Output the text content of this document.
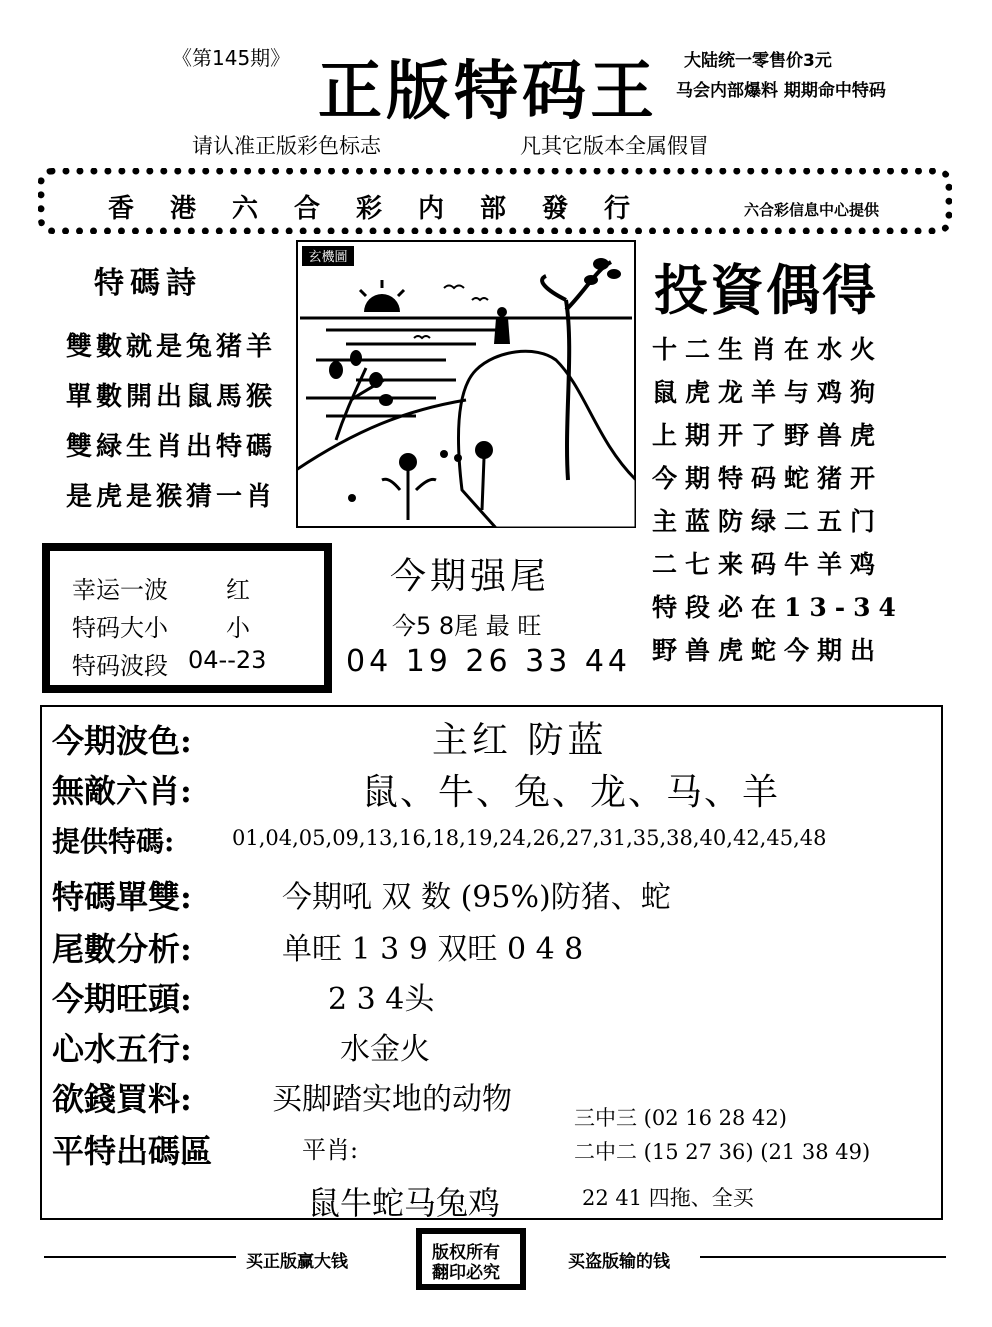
《第145期》 正版特码王 大陆统一零售价3元
马会内部爆料 期期命中特码
请认准正版彩色标志	凡其它版本全属假冒
香港六合彩内部發行	六合彩信息中心提供
特碼詩
雙數就是兔猪羊
單數開出鼠馬猴
雙緑生肖出特碼
是虎是猴猜一肖
玄機圖
投資偶得
十二生肖在水火
鼠虎龙羊与鸡狗
上期开了野兽虎
今期特码蛇猪开
主蓝防绿二五门
二七来码牛羊鸡
特段必在13-34
野兽虎蛇今期出
幸运一波 红
特码大小 小
特码波段 04--23
今期强尾
今5 8尾 最 旺
04 19 26 33 44
今期波色:	主红 防蓝
無敵六肖:	鼠、牛、兔、龙、马、羊
提供特碼:	01,04,05,09,13,16,18,19,24,26,27,31,35,38,40,42,45,48
特碼單雙:	今期吼 双 数 (95%)防猪、蛇
尾數分析:	单旺 1 3 9 双旺 0 4 8
今期旺頭:	2 3 4头
心水五行:	水金火
欲錢買料:	买脚踏实地的动物
平特出碼區	平肖:
鼠牛蛇马兔鸡
三中三 (02 16 28 42)
二中二 (15 27 36) (21 38 49)
22 41 四拖、全买
买正版赢大钱	版权所有
翻印必究
买盗版输的钱
